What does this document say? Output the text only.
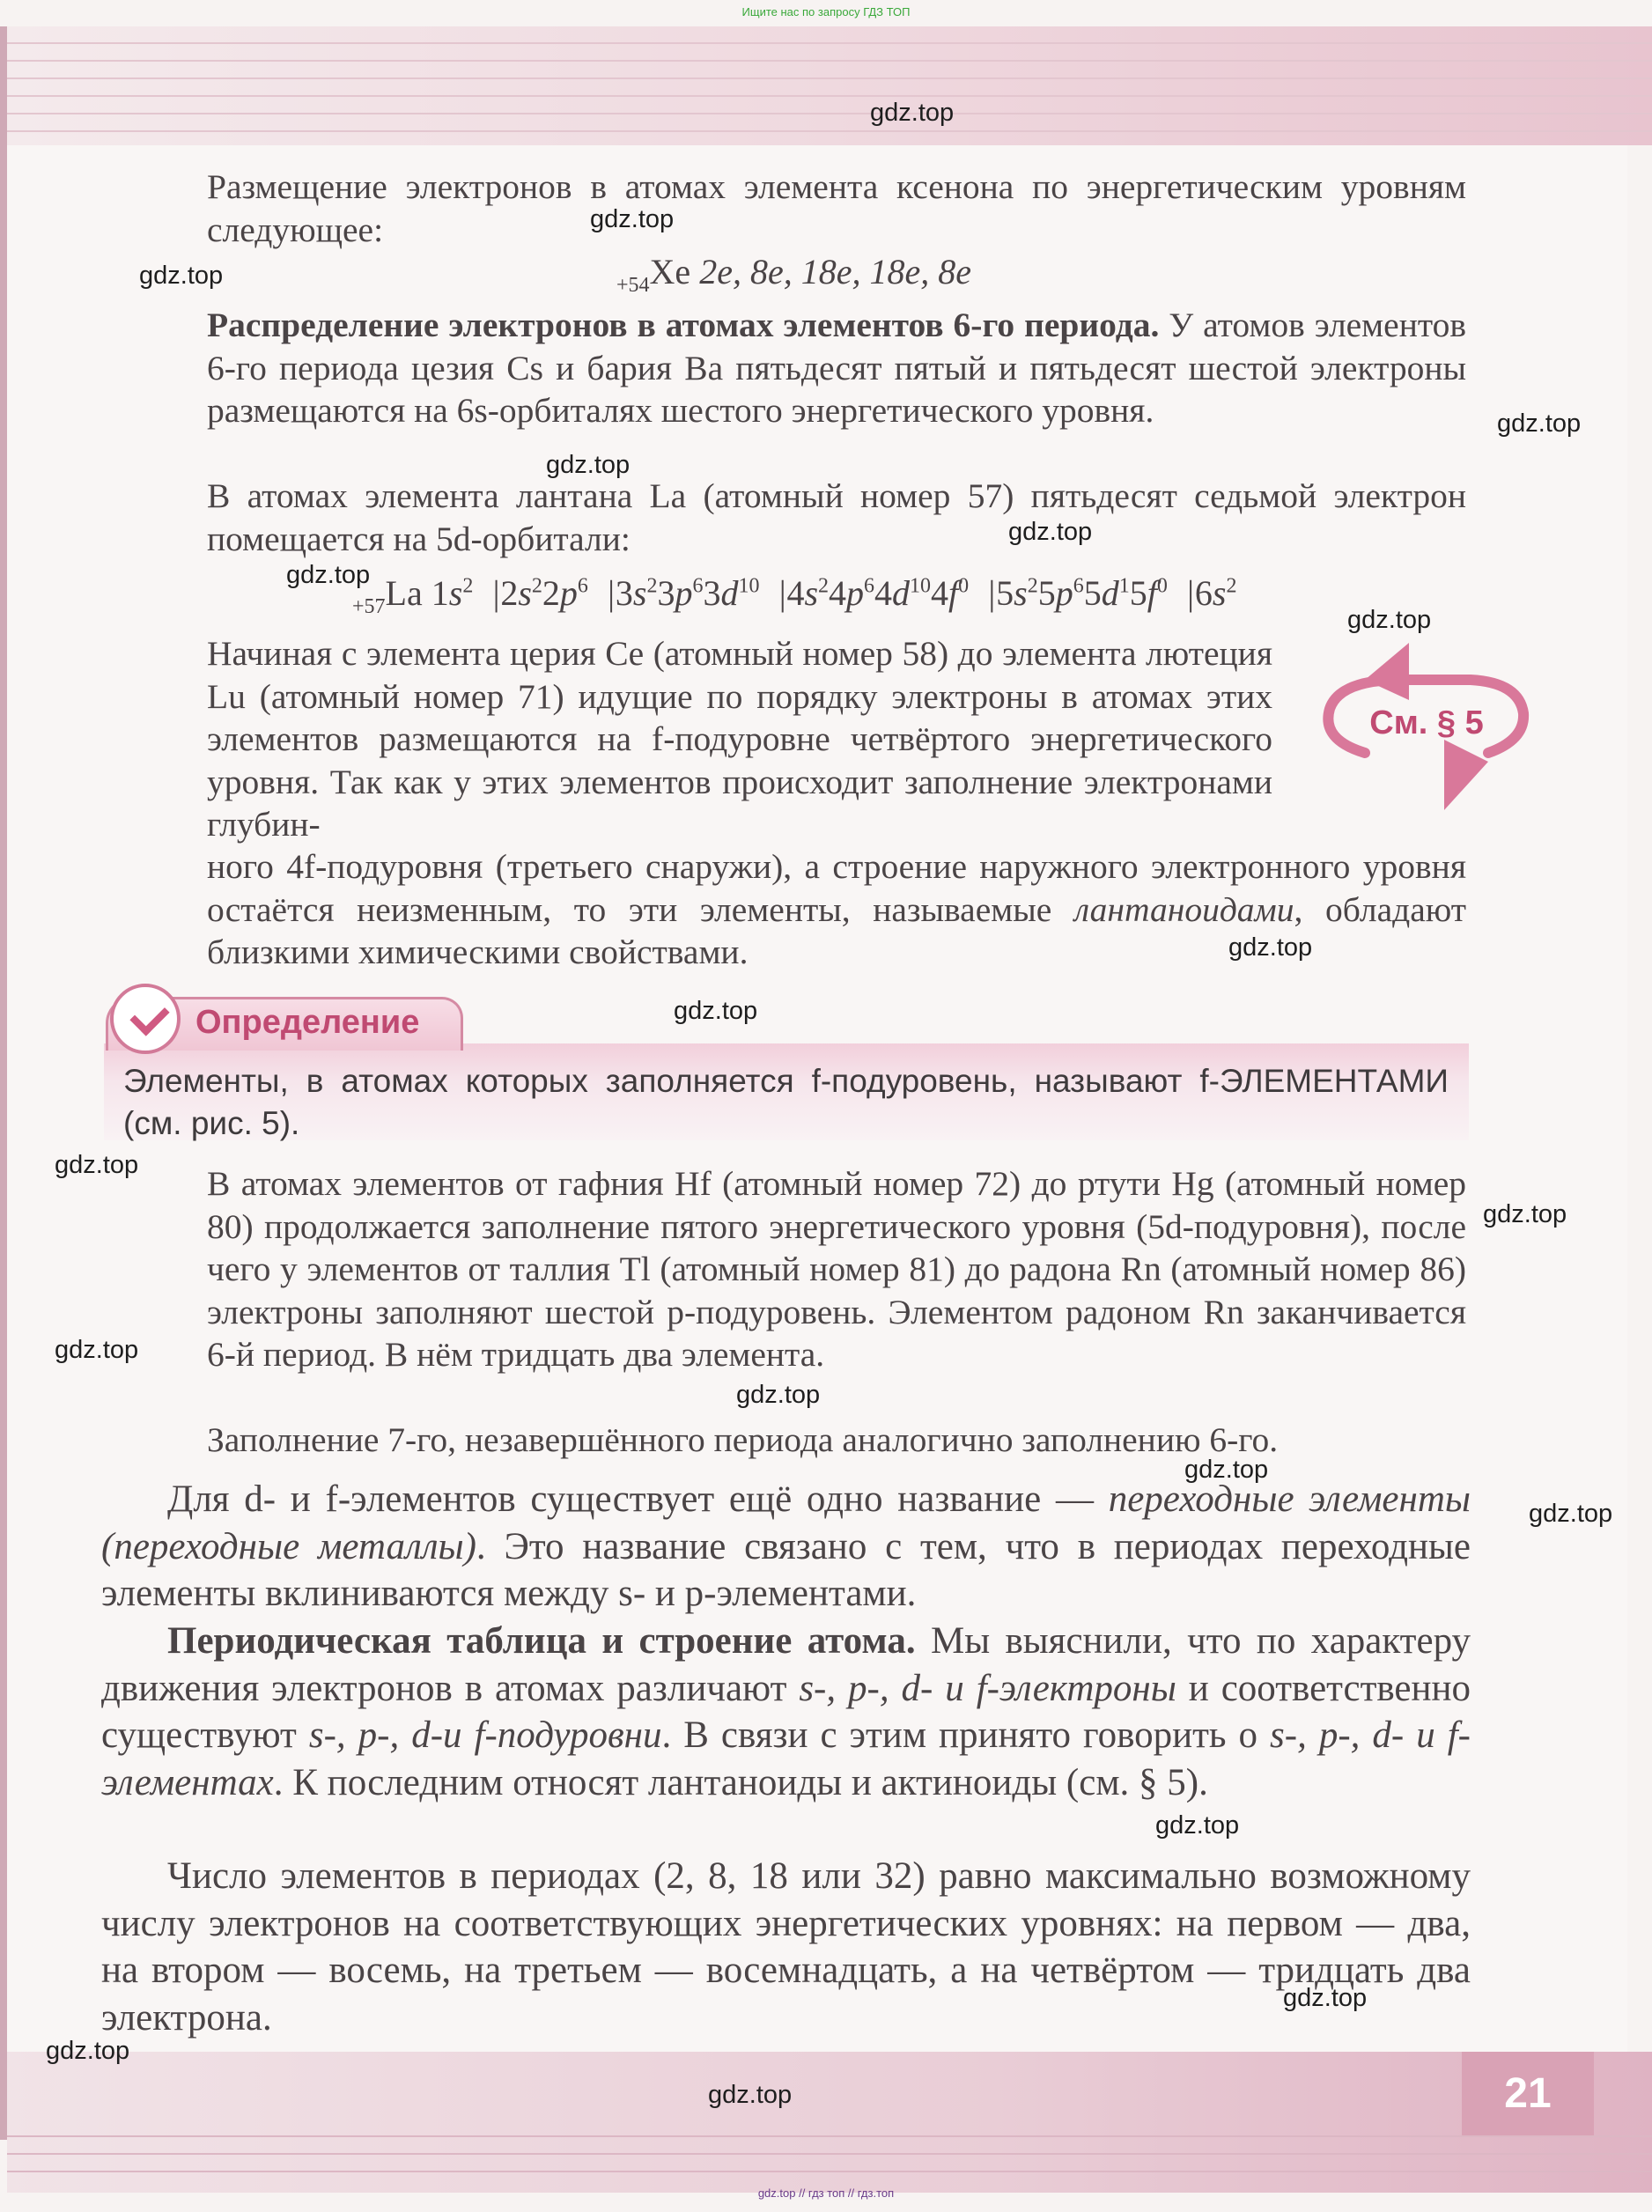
Ищите нас по запросу ГДЗ ТОП
Размещение электронов в атомах элемента ксенона по энергетическим уровням следующее:
$_{+54}$Xe 2e, 8e, 18e, 18e, 8e
Распределение электронов в атомах элементов 6-го периода. У атомов элементов 6-го периода цезия Cs и бария Ba пятьдесят пятый и пятьдесят шестой электроны размещаются на 6s-орбиталях шестого энергетического уровня.
В атомах элемента лантана La (атомный номер 57) пятьдесят седьмой электрон помещается на 5d-орбитали:
$_{+57}$La $1s^2$  $|2s^22p^6$  $|3s^23p^63d^{10}$  $|4s^24p^64d^{10}4f^0$  $|5s^25p^65d^15f^0$  $|6s^2$
Начиная с элемента церия Ce (атомный номер 58) до элемента лютеция Lu (атомный номер 71) идущие по порядку электроны в атомах этих элементов размещаются на f-подуровне четвёртого энергетического уровня. Так как у этих элементов происходит заполнение электронами глубин-
ного 4f-подуровня (третьего снаружи), а строение наружного электронного уровня остаётся неизменным, то эти элементы, называемые лантаноидами, обладают близкими химическими свойствами.
См. § 5
Определение
Элементы, в атомах которых заполняется f-подуровень, называют f-ЭЛЕМЕНТАМИ (см. рис. 5).
В атомах элементов от гафния Hf (атомный номер 72) до ртути Hg (атомный номер 80) продолжается заполнение пятого энергетического уровня (5d-подуровня), после чего у элементов от таллия Tl (атомный номер 81) до радона Rn (атомный номер 86) электроны заполняют шестой p-подуровень. Элементом радоном Rn заканчивается 6-й период. В нём тридцать два элемента.
Заполнение 7-го, незавершённого периода аналогично заполнению 6-го.
Для d- и f-элементов существует ещё одно название — переходные элементы (переходные металлы). Это название связано с тем, что в периодах переходные элементы вклиниваются между s- и p-элементами.
Периодическая таблица и строение атома. Мы выяснили, что по характеру движения электронов в атомах различают s-, p-, d- и f-электроны и соответственно существуют s-, p-, d-и f-подуровни. В связи с этим принято говорить о s-, p-, d- и f-элементах. К последним относят лантаноиды и актиноиды (см. § 5).
Число элементов в периодах (2, 8, 18 или 32) равно максимально возможному числу электронов на соответствующих энергетических уровнях: на первом — два, на втором — восемь, на третьем — восемнадцать, а на четвёртом — тридцать два электрона.
21
gdz.top // гдз топ // гдз.топ
gdz.top
gdz.top
gdz.top
gdz.top
gdz.top
gdz.top
gdz.top
gdz.top
gdz.top
gdz.top
gdz.top
gdz.top
gdz.top
gdz.top
gdz.top
gdz.top
gdz.top
gdz.top
gdz.top
gdz.top
